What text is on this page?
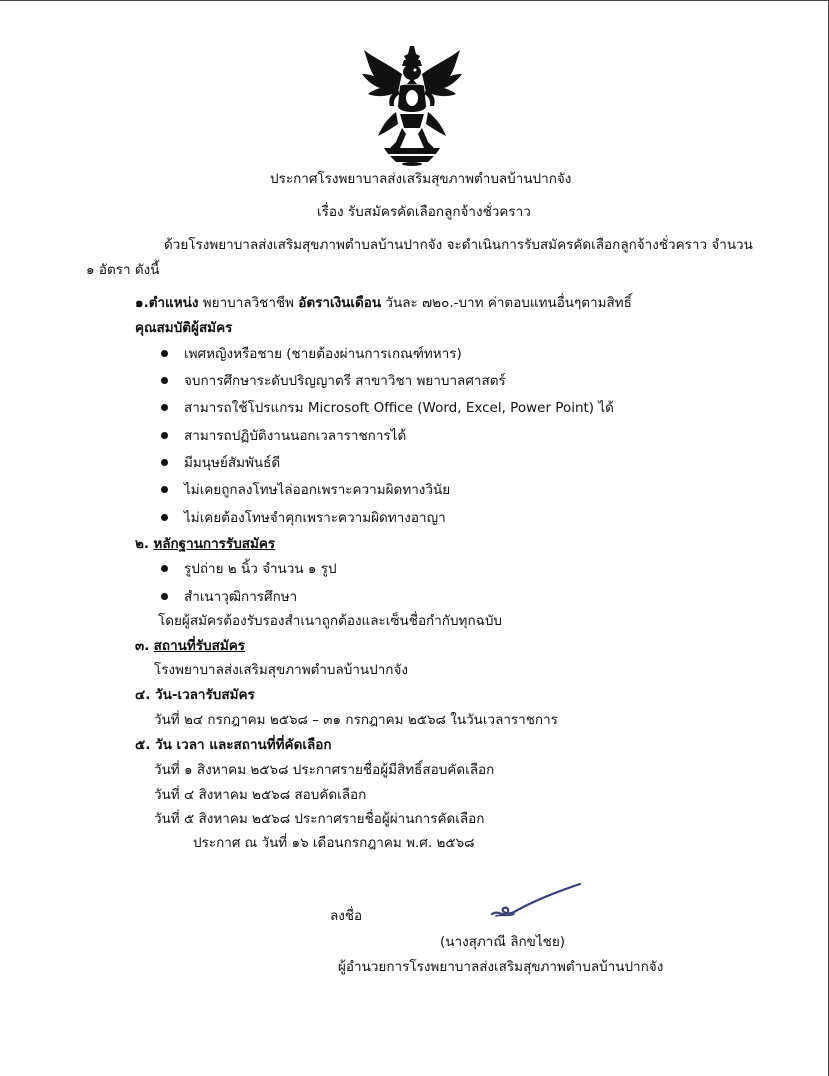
ประกาศโรงพยาบาลส่งเสริมสุขภาพตำบลบ้านปากจัง
เรื่อง รับสมัครคัดเลือกลูกจ้างชั่วคราว
ด้วยโรงพยาบาลส่งเสริมสุขภาพตำบลบ้านปากจัง จะดำเนินการรับสมัครคัดเลือกลูกจ้างชั่วคราว จำนวน
๑ อัตรา ดังนี้
๑.ตำแหน่ง พยาบาลวิชาชีพ อัตราเงินเดือน วันละ ๗๒๐.-บาท ค่าตอบแทนอื่นๆตามสิทธิ์
คุณสมบัติผู้สมัคร
เพศหญิงหรือชาย (ชายต้องผ่านการเกณฑ์ทหาร)
จบการศึกษาระดับปริญญาตรี สาขาวิชา พยาบาลศาสตร์
สามารถใช้โปรแกรม Microsoft Office (Word, Excel, Power Point) ได้
สามารถปฏิบัติงานนอกเวลาราชการได้
มีมนุษย์สัมพันธ์ดี
ไม่เคยถูกลงโทษไล่ออกเพราะความผิดทางวินัย
ไม่เคยต้องโทษจำคุกเพราะความผิดทางอาญา
๒. หลักฐานการรับสมัคร
รูปถ่าย ๒ นิ้ว จำนวน ๑ รูป
สำเนาวุฒิการศึกษา
โดยผู้สมัครต้องรับรองสำเนาถูกต้องและเซ็นชื่อกำกับทุกฉบับ
๓. สถานที่รับสมัคร
โรงพยาบาลส่งเสริมสุขภาพตำบลบ้านปากจัง
๔. วัน-เวลารับสมัคร
วันที่ ๒๔ กรกฎาคม ๒๕๖๘ – ๓๑ กรกฎาคม ๒๕๖๘ ในวันเวลาราชการ
๕. วัน เวลา และสถานที่ที่คัดเลือก
วันที่ ๑ สิงหาคม ๒๕๖๘ ประกาศรายชื่อผู้มีสิทธิ์สอบคัดเลือก
วันที่ ๔ สิงหาคม ๒๕๖๘ สอบคัดเลือก
วันที่ ๕ สิงหาคม ๒๕๖๘ ประกาศรายชื่อผู้ผ่านการคัดเลือก
ประกาศ ณ วันที่ ๑๖ เดือนกรกฎาคม พ.ศ. ๒๕๖๘
ลงชื่อ
(นางสุภาณี ลิกขไชย)
ผู้อำนวยการโรงพยาบาลส่งเสริมสุขภาพตำบลบ้านปากจัง
